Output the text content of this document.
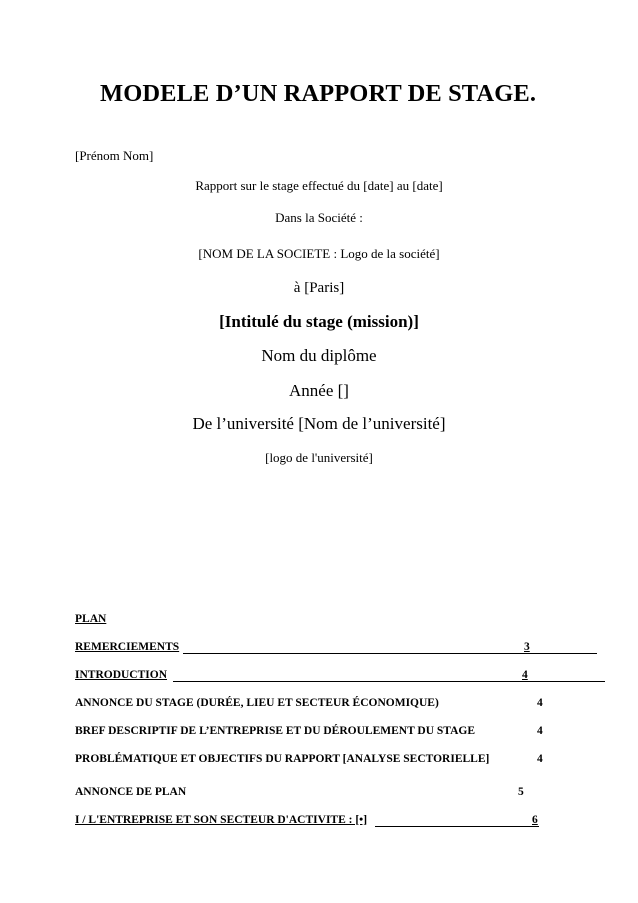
MODELE D’UN RAPPORT DE STAGE.
[Prénom Nom]
Rapport sur le stage effectué du [date] au [date]
Dans la Société :
[NOM DE LA SOCIETE : Logo de la société]
à [Paris]
[Intitulé du stage (mission)]
Nom du diplôme
Année []
De l’université [Nom de l’université]
[logo de l'université]
PLAN
REMERCIEMENTS	3
INTRODUCTION	4
ANNONCE DU STAGE (DURÉE, LIEU ET SECTEUR ÉCONOMIQUE)	4
BREF DESCRIPTIF DE L’ENTREPRISE ET DU DÉROULEMENT DU STAGE	4
PROBLÉMATIQUE ET OBJECTIFS DU RAPPORT [ANALYSE SECTORIELLE]	4
ANNONCE DE PLAN	5
I / L'ENTREPRISE ET SON SECTEUR D'ACTIVITE : [•]	6
